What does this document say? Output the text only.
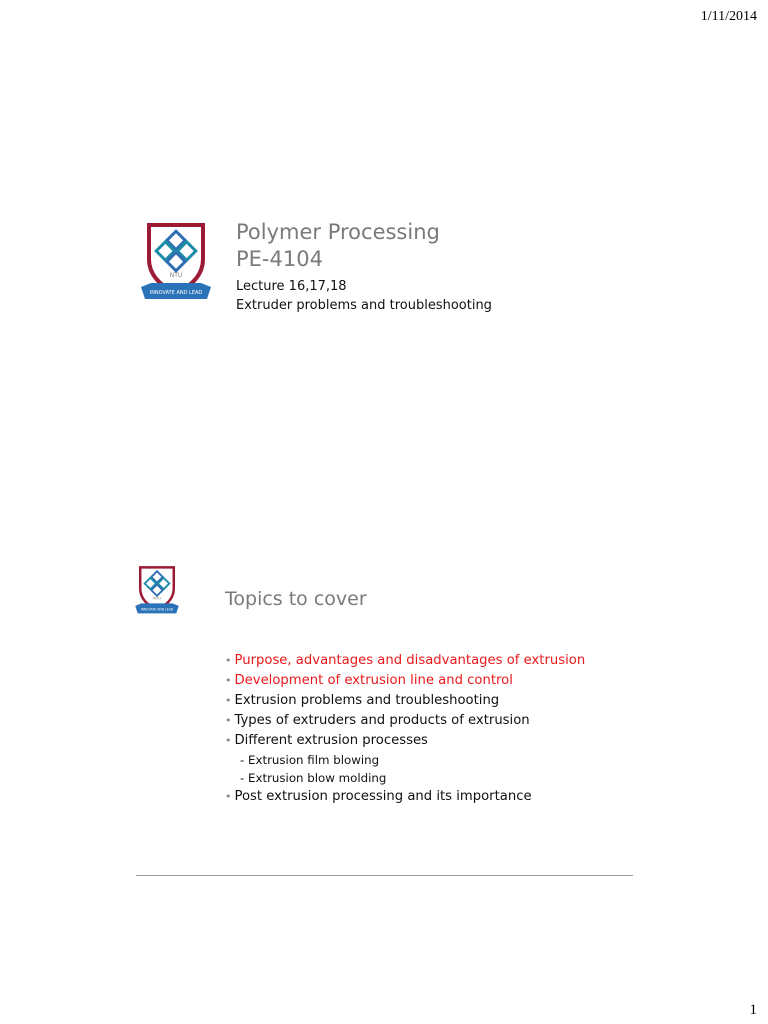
1/11/2014
NTU
INNOVATE AND LEAD
Polymer Processing
PE-4104
Lecture 16,17,18
Extruder problems and troubleshooting
NTU
INNOVATE AND LEAD	Topics to cover
• Purpose, advantages and disadvantages of extrusion
• Development of extrusion line and control
• Extrusion problems and troubleshooting
• Types of extruders and products of extrusion
• Different extrusion processes
- Extrusion film blowing
- Extrusion blow molding
• Post extrusion processing and its importance
1
